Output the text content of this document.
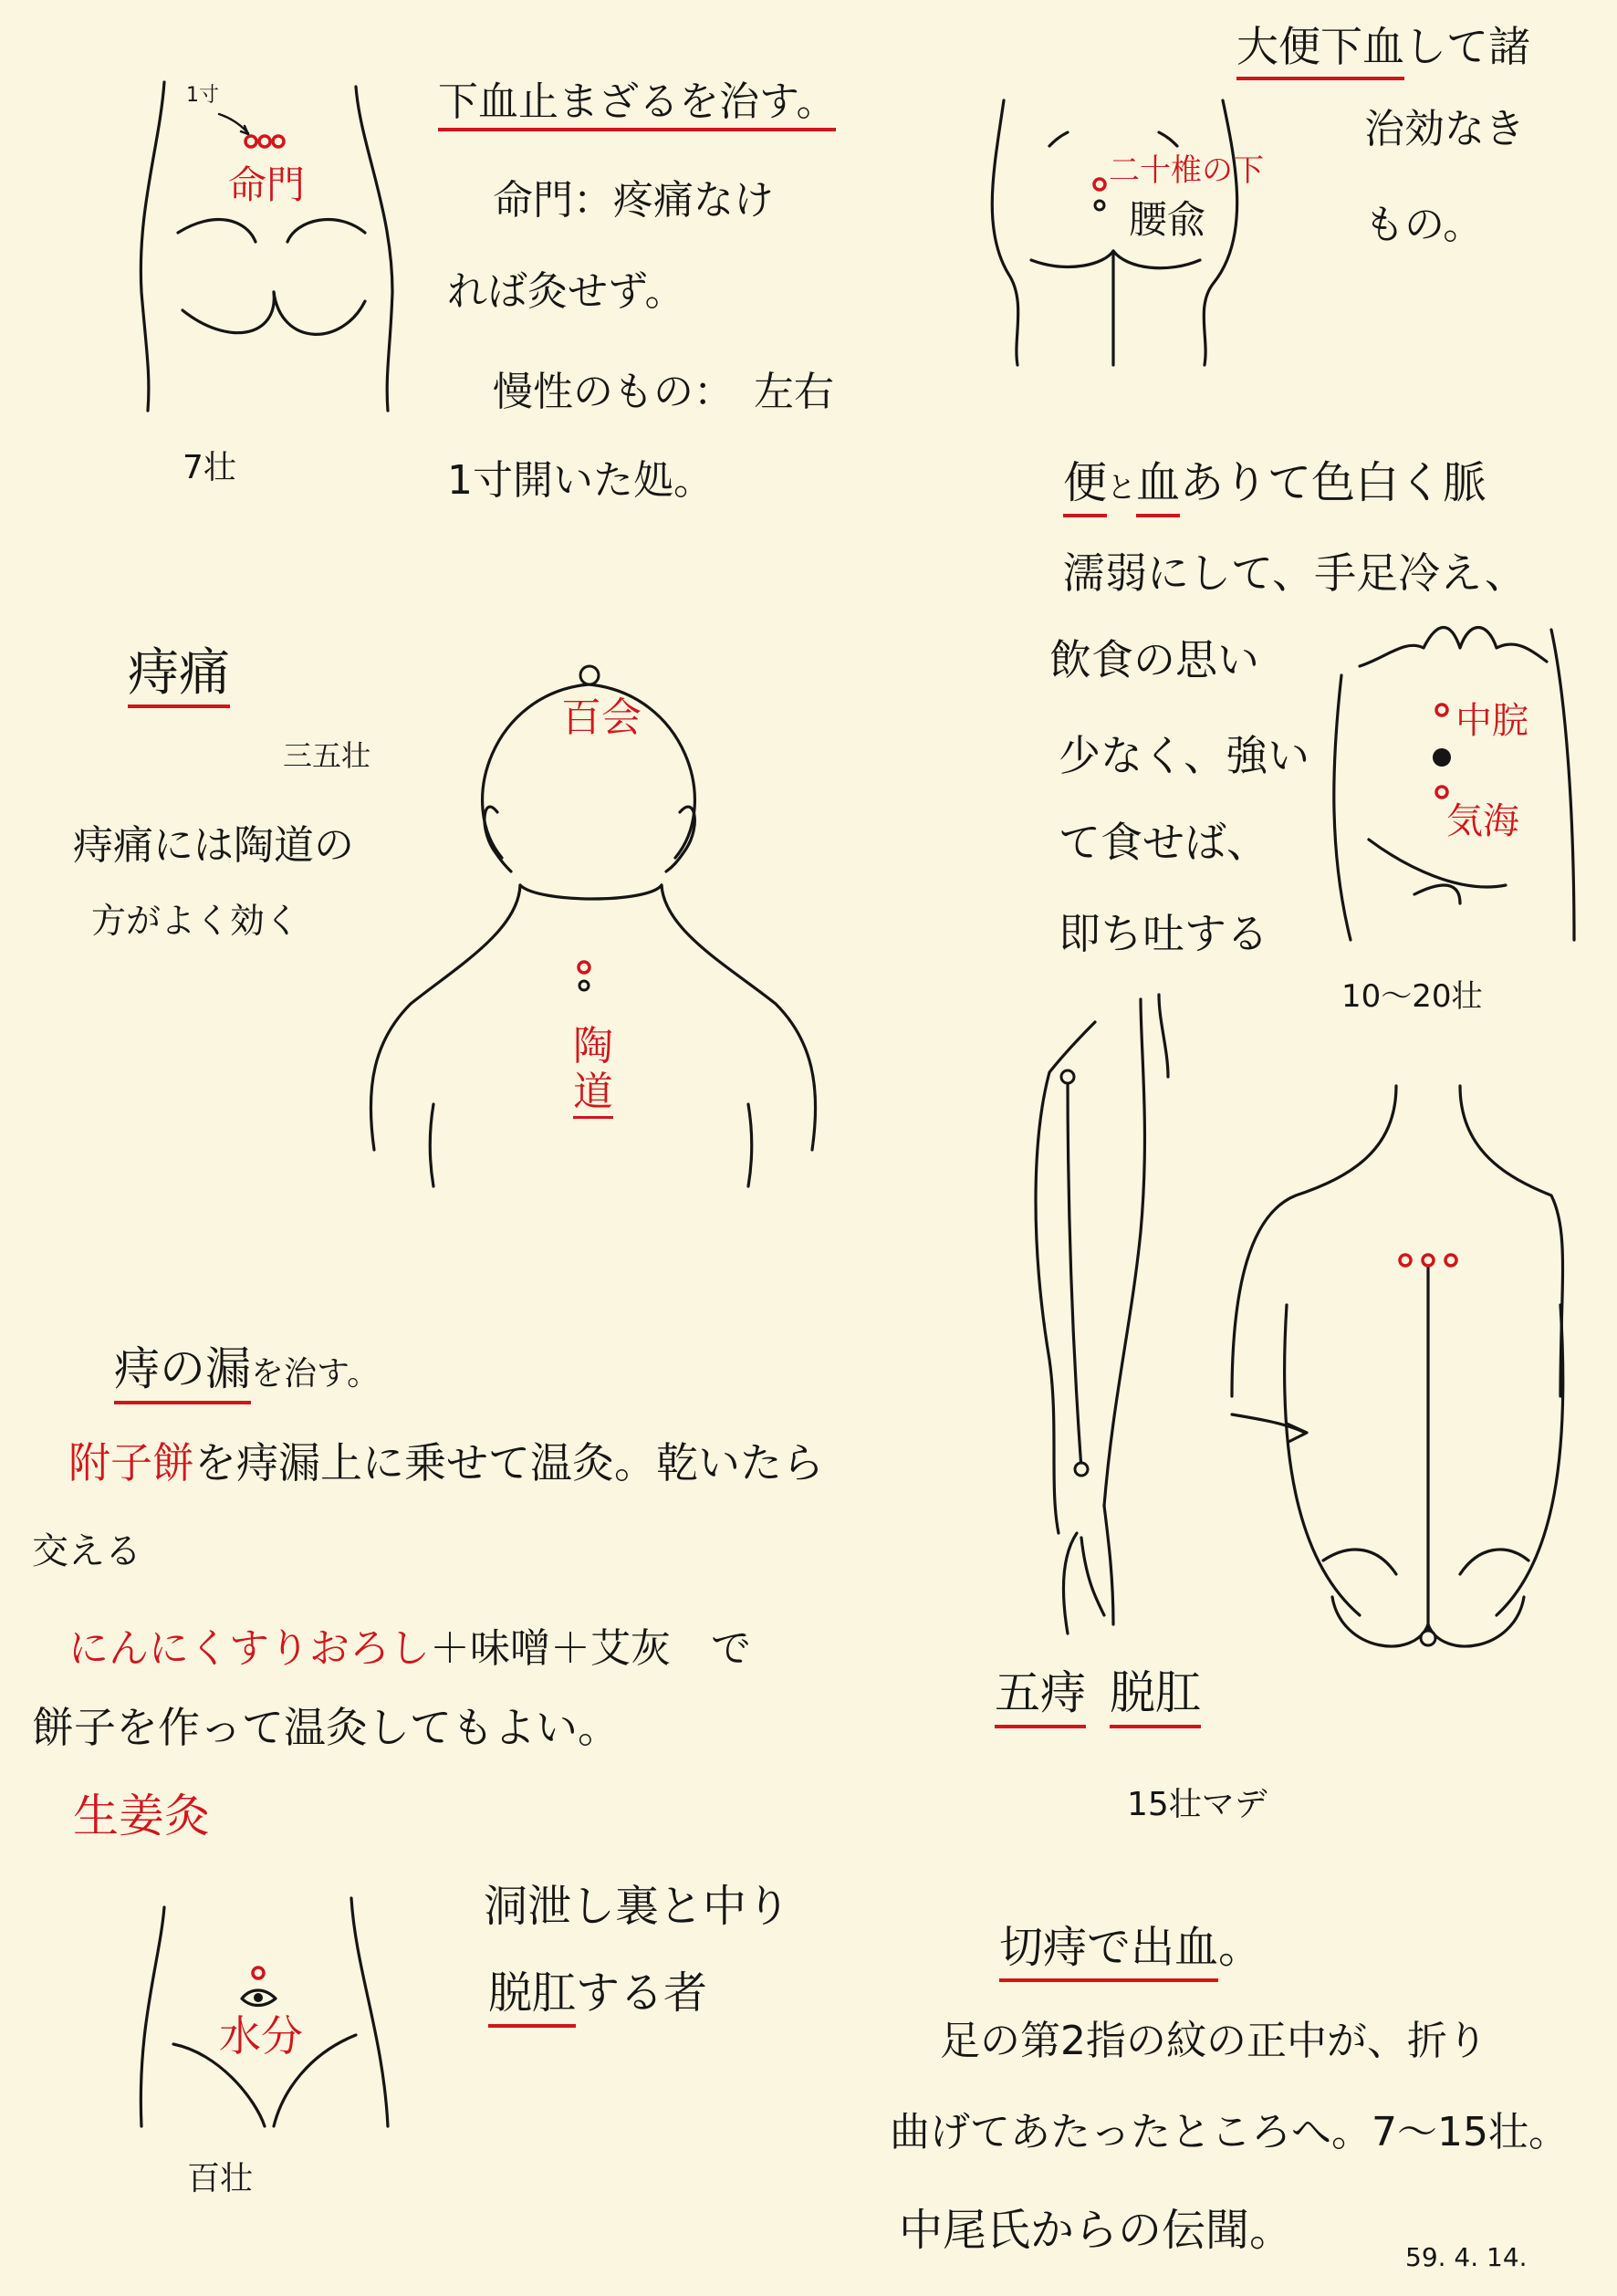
1寸
命門
7壮
下血止まざるを治す。
命門：疼痛なけ
れば灸せず。
慢性のもの：　左右
1寸開いた処。
大便下血して諸
二十椎の下
腰兪
治効なき
もの。
痔痛
三五壮
痔痛には陶道の
方がよく効く
百会
陶
道
便と血ありて色白く脈
濡弱にして、手足冷え、
飲食の思い
少なく、強い
て食せば、
即ち吐する
中脘
気海
10～20壮
痔の漏を治す。
附子餅を痔漏上に乗せて温灸。乾いたら
交える
にんにくすりおろし＋味噌＋艾灰　で
餅子を作って温灸してもよい。
生姜灸
五痔 脱肛
15壮マデ
洞泄し裏と中り
脱肛する者
水分
百壮
切痔で出血。
足の第2指の紋の正中が、折り
曲げてあたったところへ。7～15壮。
中尾氏からの伝聞。
59. 4. 14.
